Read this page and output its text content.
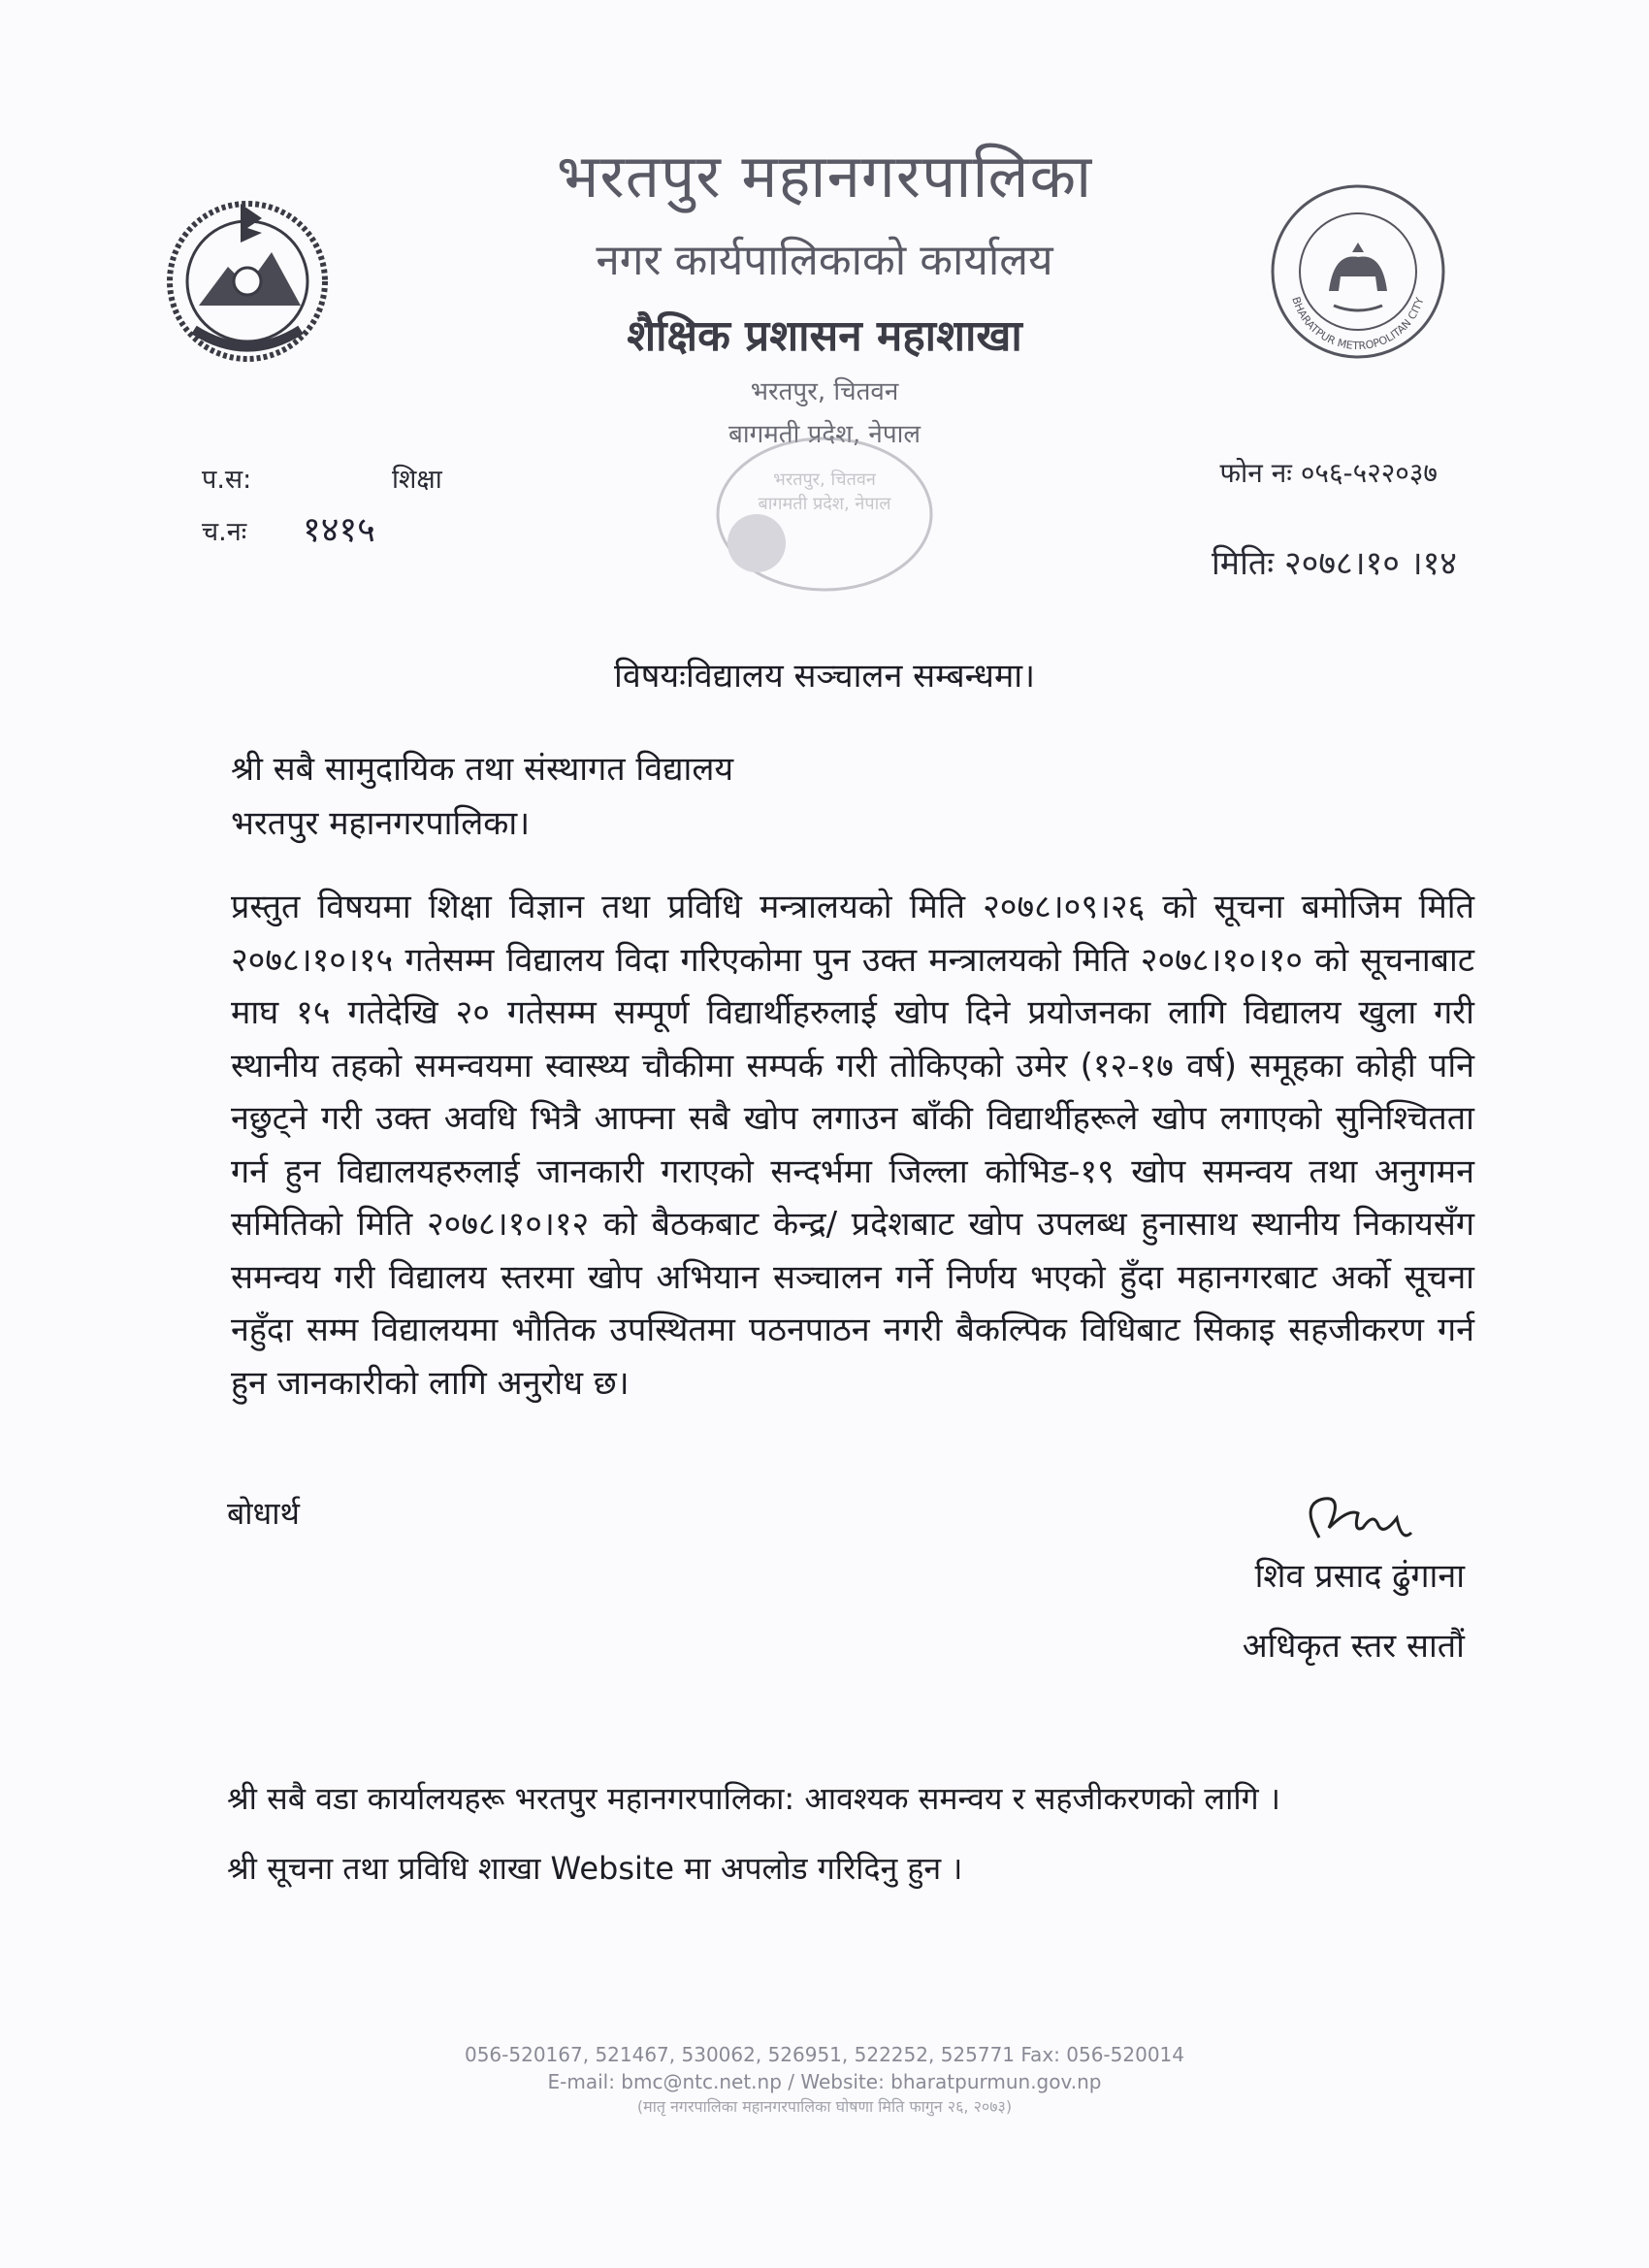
BHARATPUR METROPOLITAN CITY
भरतपुर महानगरपालिका
नगर कार्यपालिकाको कार्यालय
शैक्षिक प्रशासन महाशाखा
भरतपुर, चितवन
बागमती प्रदेश, नेपाल
भरतपुर, चितवन
बागमती प्रदेश, नेपाल
प.स:	शिक्षा
च.नः १४१५
फोन नः ०५६-५२२०३७
मितिः २०७८।१० ।१४
विषयःविद्यालय सञ्चालन सम्बन्धमा।
श्री सबै सामुदायिक तथा संस्थागत विद्यालय
भरतपुर महानगरपालिका।
प्रस्तुत विषयमा शिक्षा विज्ञान तथा प्रविधि मन्त्रालयको मिति २०७८।०९।२६ को सूचना बमोजिम मिति २०७८।१०।१५ गतेसम्म विद्यालय विदा गरिएकोमा पुन उक्त मन्त्रालयको मिति २०७८।१०।१० को सूचनाबाट माघ १५ गतेदेखि २० गतेसम्म सम्पूर्ण विद्यार्थीहरुलाई खोप दिने प्रयोजनका लागि विद्यालय खुला गरी स्थानीय तहको समन्वयमा स्वास्थ्य चौकीमा सम्पर्क गरी तोकिएको उमेर (१२-१७ वर्ष) समूहका कोही पनि नछुट्ने गरी उक्त अवधि भित्रै आफ्ना सबै खोप लगाउन बाँकी विद्यार्थीहरूले खोप लगाएको सुनिश्चितता गर्न हुन विद्यालयहरुलाई जानकारी गराएको सन्दर्भमा जिल्ला कोभिड-१९ खोप समन्वय तथा अनुगमन समितिको मिति २०७८।१०।१२ को बैठकबाट केन्द्र/ प्रदेशबाट खोप उपलब्ध हुनासाथ स्थानीय निकायसँग समन्वय गरी विद्यालय स्तरमा खोप अभियान सञ्चालन गर्ने निर्णय भएको हुँदा महानगरबाट अर्को सूचना नहुँदा सम्म विद्यालयमा भौतिक उपस्थितमा पठनपाठन नगरी बैकल्पिक विधिबाट सिकाइ सहजीकरण गर्न हुन जानकारीको लागि अनुरोध छ।
बोधार्थ
शिव प्रसाद ढुंगाना
अधिकृत स्तर सातौं
श्री सबै वडा कार्यालयहरू भरतपुर महानगरपालिका: आवश्यक समन्वय र सहजीकरणको लागि ।
श्री सूचना तथा प्रविधि शाखा Website मा अपलोड गरिदिनु हुन ।
056-520167, 521467, 530062, 526951, 522252, 525771 Fax: 056-520014
E-mail: bmc@ntc.net.np / Website: bharatpurmun.gov.np
(मातृ नगरपालिका महानगरपालिका घोषणा मिति फागुन २६, २०७३)
